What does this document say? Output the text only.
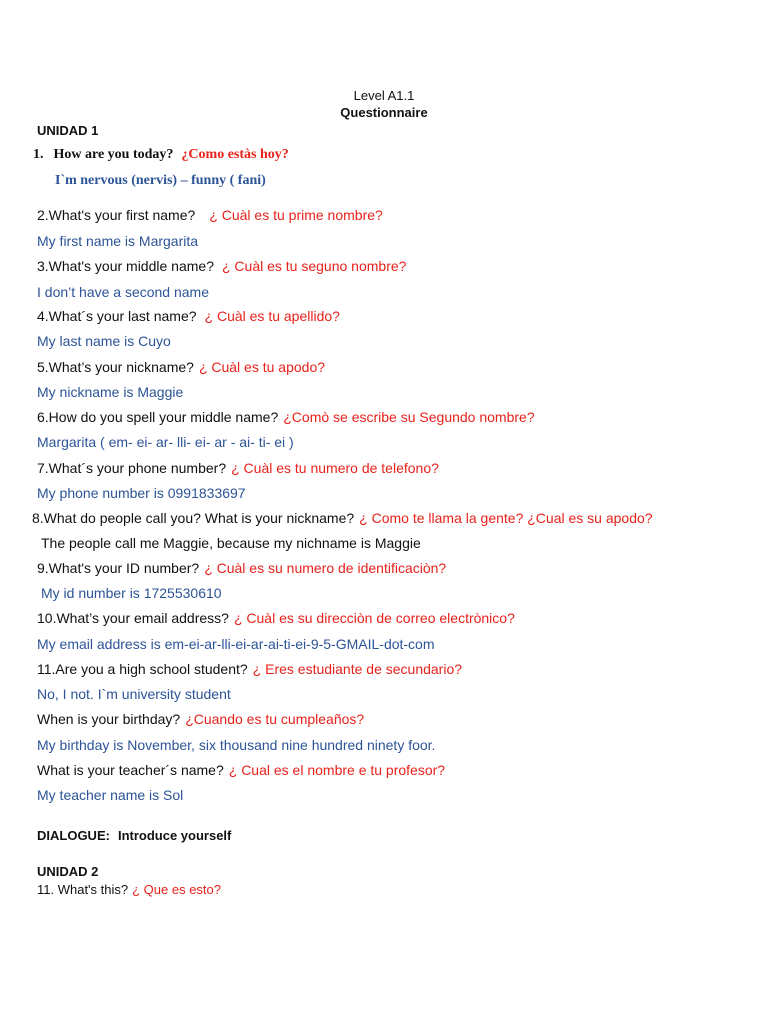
Level A1.1
Questionnaire
UNIDAD 1
1. How are you today? ¿Como estàs hoy?
I`m nervous (nervis) – funny ( fani)
2.What's your first name? ¿ Cuàl es tu prime nombre?
My first name is Margarita
3.What's your middle name? ¿ Cuàl es tu seguno nombre?
I don’t have a second name
4.What´s your last name? ¿ Cuàl es tu apellido?
My last name is Cuyo
5.What’s your nickname? ¿ Cuàl es tu apodo?
My nickname is Maggie
6.How do you spell your middle name? ¿Comò se escribe su Segundo nombre?
Margarita ( em- ei- ar- lli- ei- ar - ai- ti- ei )
7.What´s your phone number? ¿ Cuàl es tu numero de telefono?
My phone number is 0991833697
8.What do people call you? What is your nickname? ¿ Como te llama la gente? ¿Cual es su apodo?
The people call me Maggie, because my nichname is Maggie
9.What's your ID number? ¿ Cuàl es su numero de identificaciòn?
My id number is 1725530610
10.What’s your email address? ¿ Cuàl es su direcciòn de correo electrònico?
My email address is em-ei-ar-lli-ei-ar-ai-ti-ei-9-5-GMAIL-dot-com
11.Are you a high school student? ¿ Eres estudiante de secundario?
No, I not. I`m university student
When is your birthday? ¿Cuando es tu cumpleaños?
My birthday is November, six thousand nine hundred ninety foor.
What is your teacher´s name? ¿ Cual es el nombre e tu profesor?
My teacher name is Sol
DIALOGUE: Introduce yourself
UNIDAD 2
11. What's this? ¿ Que es esto?
